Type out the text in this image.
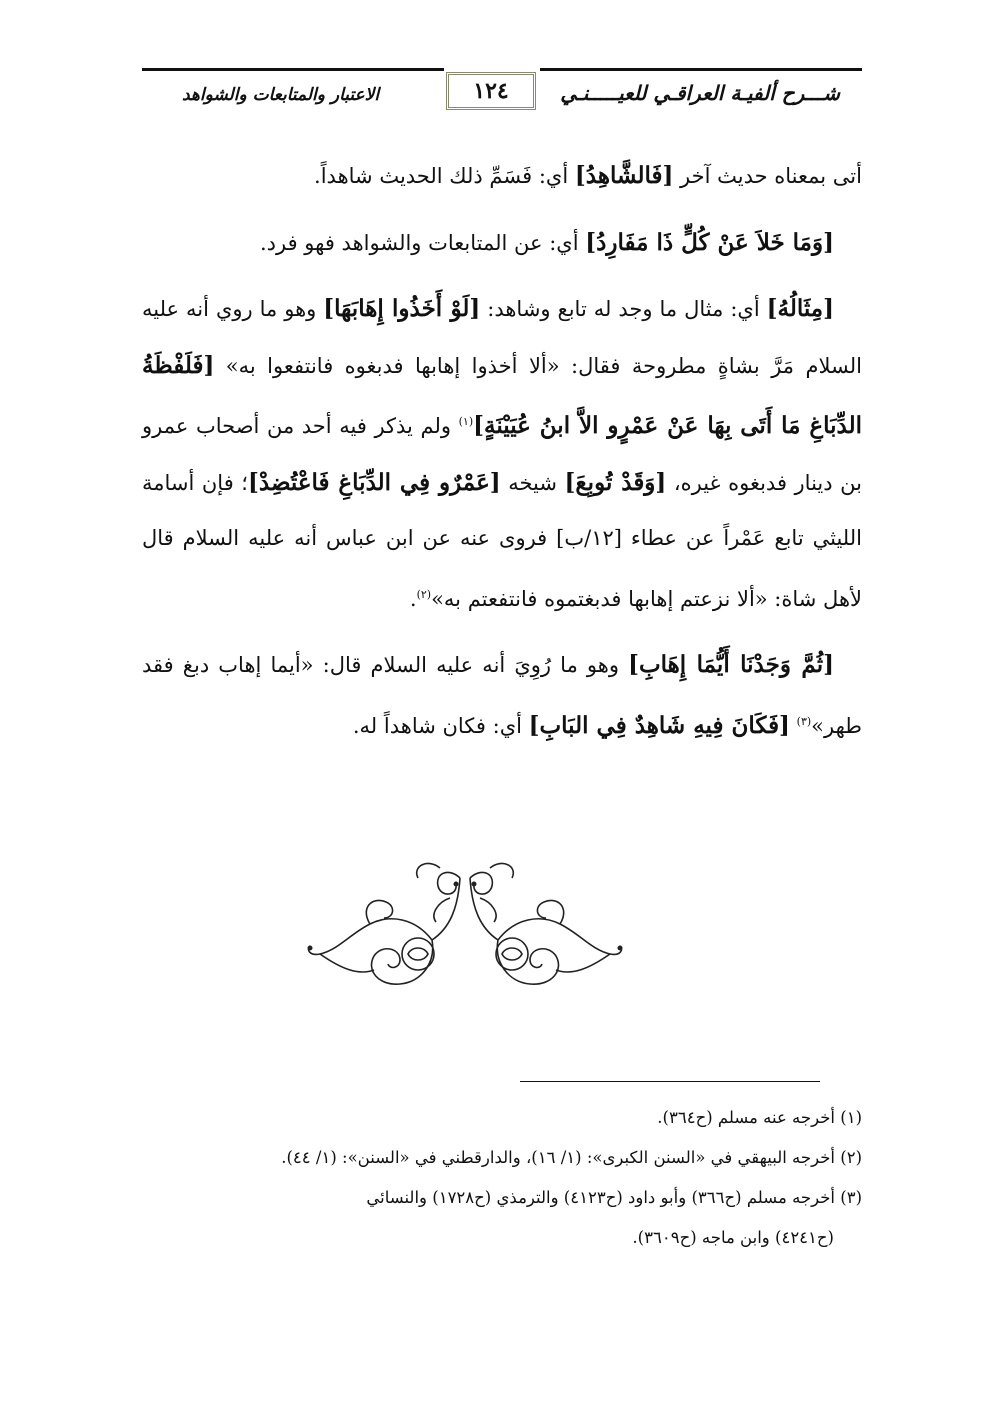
شـــرح ألفيـة العراقـي للعيـــــنـي
١٢٤
الاعتبار والمتابعات والشواهد

أتى بمعناه حديث آخر [فَالشَّاهِدُ] أي: فَسَمِّ ذلك الحديث شاهداً.

[وَمَا خَلاَ عَنْ كُلٍّ ذَا مَفَارِدُ] أي: عن المتابعات والشواهد فهو فرد.

[مِثَالُهُ] أي: مثال ما وجد له تابع وشاهد: [لَوْ أَخَذُوا إِهَابَهَا] وهو ما روي أنه عليه السلام مَرَّ بشاةٍ مطروحة فقال: «ألا أخذوا إهابها فدبغوه فانتفعوا به» [فَلَفْظَةُ الدِّبَاغِ مَا أَتَى بِهَا عَنْ عَمْرٍو الاَّ ابنُ عُيَيْنَةٍ]$^{(١)}$ ولم يذكر فيه أحد من أصحاب عمرو بن دينار فدبغوه غيره، [وَقَدْ تُوبِعَ] شيخه [عَمْرٌو فِي الدِّبَاغِ فَاعْتُضِدْ]؛ فإن أسامة الليثي تابع عَمْراً عن عطاء [١٢/ب] فروى عنه عن ابن عباس أنه عليه السلام قال لأهل شاة: «ألا نزعتم إهابها فدبغتموه فانتفعتم به»$^{(٢)}$.

[ثُمَّ وَجَدْنَا أَيُّمَا إِهَابِ] وهو ما رُوِيَ أنه عليه السلام قال: «أيما إهاب دبغ فقد طهر»$^{(٣)}$ [فَكَانَ فِيهِ شَاهِدٌ فِي البَابِ] أي: فكان شاهداً له.

(١) أخرجه عنه مسلم (ح٣٦٤).

(٢) أخرجه البيهقي في «السنن الكبرى»: (١/ ١٦)، والدارقطني في «السنن»: (١/ ٤٤).

(٣) أخرجه مسلم (ح٣٦٦) وأبو داود (ح٤١٢٣) والترمذي (ح١٧٢٨) والنسائي

(ح٤٢٤١) وابن ماجه (ح٣٦٠٩).
